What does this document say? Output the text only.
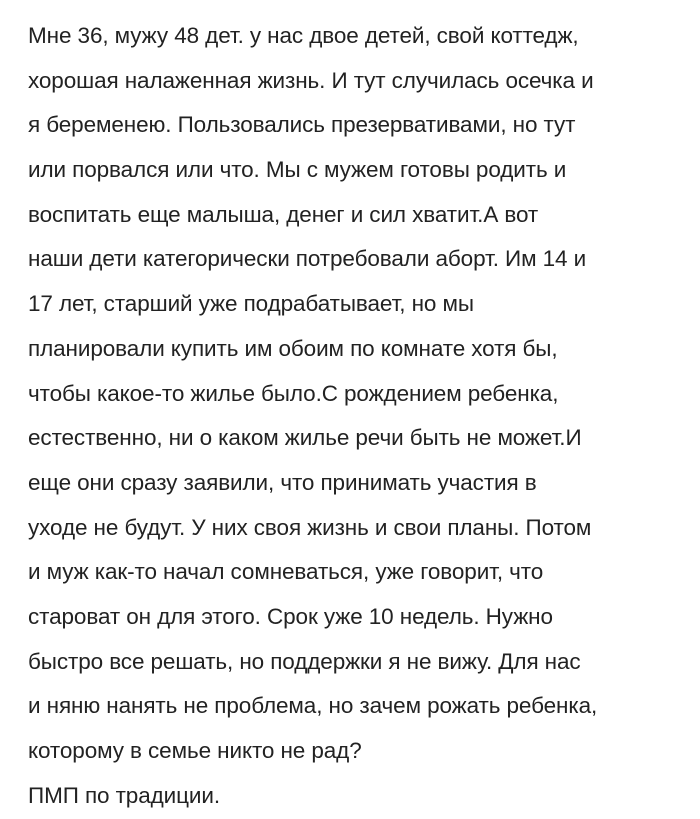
Мне 36, мужу 48 дет. у нас двое детей, свой коттедж,
хорошая налаженная жизнь. И тут случилась осечка и
я беременею. Пользовались презервативами, но тут
или порвался или что. Мы с мужем готовы родить и
воспитать еще малыша, денег и сил хватит.А вот
наши дети категорически потребовали аборт. Им 14 и
17 лет, старший уже подрабатывает, но мы
планировали купить им обоим по комнате хотя бы,
чтобы какое-то жилье было.С рождением ребенка,
естественно, ни о каком жилье речи быть не может.И
еще они сразу заявили, что принимать участия в
уходе не будут. У них своя жизнь и свои планы. Потом
и муж как-то начал сомневаться, уже говорит, что
староват он для этого. Срок уже 10 недель. Нужно
быстро все решать, но поддержки я не вижу. Для нас
и няню нанять не проблема, но зачем рожать ребенка,
которому в семье никто не рад?
ПМП по традиции.
